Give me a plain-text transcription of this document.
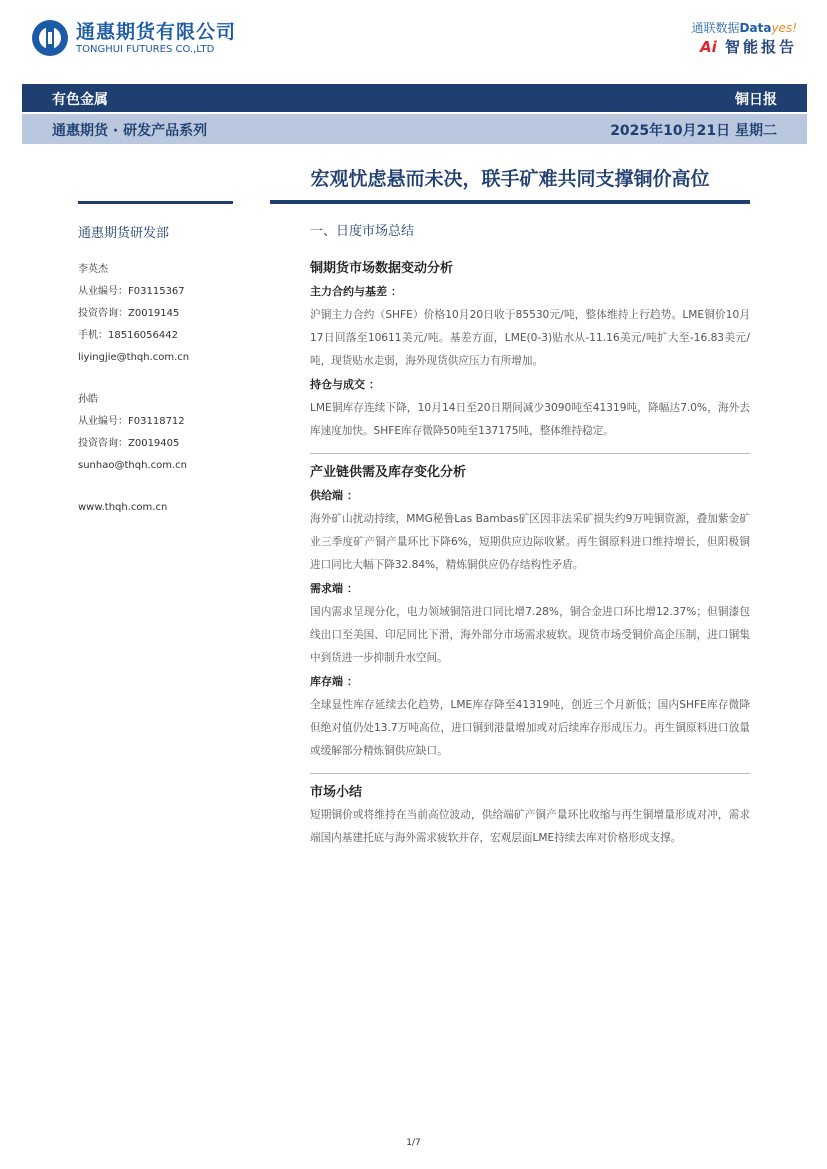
通惠期货有限公司
TONGHUI FUTURES CO.,LTD
通联数据Datayes!
Ai 智能报告
有色金属	铜日报
通惠期货 · 研发产品系列	2025年10月21日 星期二
宏观忧虑悬而未决，联手矿难共同支撑铜价高位
通惠期货研发部
李英杰
从业编号：F03115367
投资咨询：Z0019145
手机：18516056442
liyingjie@thqh.com.cn
孙皓
从业编号：F03118712
投资咨询：Z0019405
sunhao@thqh.com.cn
www.thqh.com.cn
一、日度市场总结
铜期货市场数据变动分析
主力合约与基差 ：
沪铜主力合约（SHFE）价格10月20日收于85530元/吨，整体维持上行趋势。LME铜价10月17日回落至10611美元/吨。基差方面，LME(0-3)贴水从-11.16美元/吨扩大至-16.83美元/吨，现货贴水走弱，海外现货供应压力有所增加。
持仓与成交 ：
LME铜库存连续下降，10月14日至20日期间减少3090吨至41319吨，降幅达7.0%，海外去库速度加快。SHFE库存微降50吨至137175吨，整体维持稳定。
产业链供需及库存变化分析
供给端 ：
海外矿山扰动持续，MMG秘鲁Las Bambas矿区因非法采矿损失约9万吨铜资源，叠加紫金矿业三季度矿产铜产量环比下降6%，短期供应边际收紧。再生铜原料进口维持增长，但阳极铜进口同比大幅下降32.84%，精炼铜供应仍存结构性矛盾。
需求端 ：
国内需求呈现分化，电力领域铜箔进口同比增7.28%，铜合金进口环比增12.37%；但铜漆包线出口至美国、印尼同比下滑，海外部分市场需求疲软。现货市场受铜价高企压制，进口铜集中到货进一步抑制升水空间。
库存端 ：
全球显性库存延续去化趋势，LME库存降至41319吨，创近三个月新低；国内SHFE库存微降但绝对值仍处13.7万吨高位，进口铜到港量增加或对后续库存形成压力。再生铜原料进口放量或缓解部分精炼铜供应缺口。
市场小结
短期铜价或将维持在当前高位波动，供给端矿产铜产量环比收缩与再生铜增量形成对冲，需求端国内基建托底与海外需求疲软并存，宏观层面LME持续去库对价格形成支撑。
1/7
